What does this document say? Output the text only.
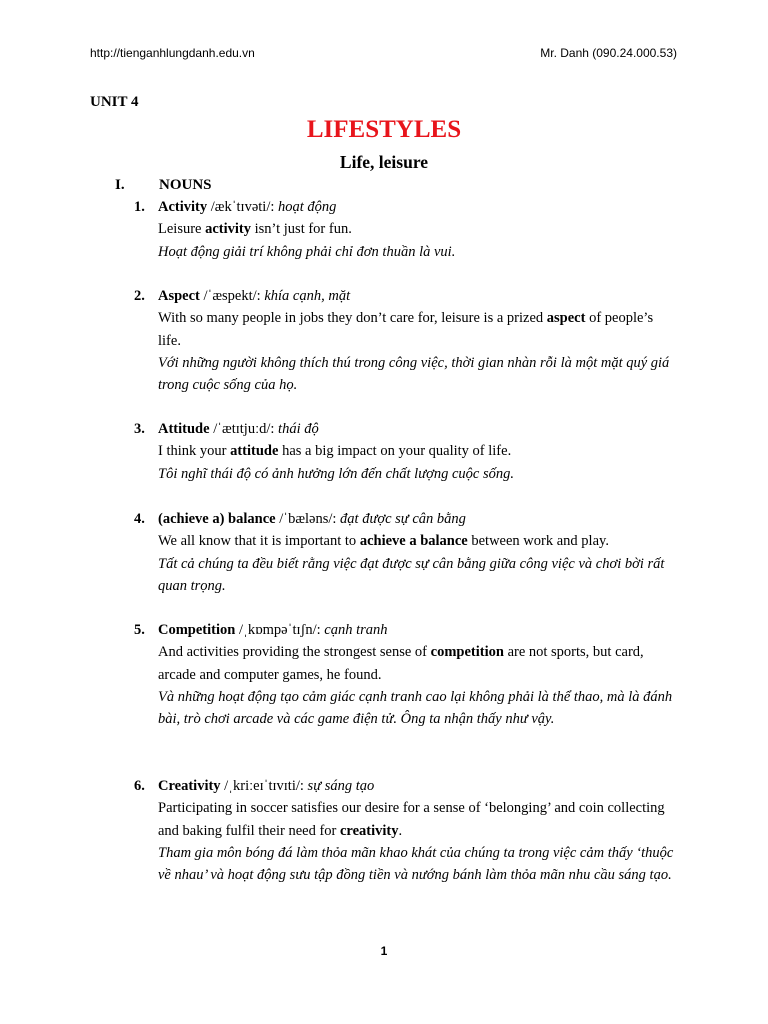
http://tienganhlungdanh.edu.vn	Mr. Danh (090.24.000.53)
UNIT 4
LIFESTYLES
Life, leisure
I. NOUNS
1. Activity /ækˈtɪvəti/: hoạt động
Leisure activity isn’t just for fun.
Hoạt động giải trí không phải chỉ đơn thuần là vui.
2. Aspect /ˈæspekt/: khía cạnh, mặt
With so many people in jobs they don’t care for, leisure is a prized aspect of people’s life.
Với những người không thích thú trong công việc, thời gian nhàn rỗi là một mặt quý giá trong cuộc sống của họ.
3. Attitude /ˈætɪtjuːd/: thái độ
I think your attitude has a big impact on your quality of life.
Tôi nghĩ thái độ có ảnh hưởng lớn đến chất lượng cuộc sống.
4. (achieve a) balance /ˈbæləns/: đạt được sự cân bằng
We all know that it is important to achieve a balance between work and play.
Tất cả chúng ta đều biết rằng việc đạt được sự cân bằng giữa công việc và chơi bời rất quan trọng.
5. Competition /ˌkɒmpəˈtɪʃn/: cạnh tranh
And activities providing the strongest sense of competition are not sports, but card, arcade and computer games, he found.
Và những hoạt động tạo cảm giác cạnh tranh cao lại không phải là thể thao, mà là đánh bài, trò chơi arcade và các game điện tử. Ông ta nhận thấy như vậy.
6. Creativity /ˌkriːeɪˈtɪvɪti/: sự sáng tạo
Participating in soccer satisfies our desire for a sense of ‘belonging’ and coin collecting and baking fulfil their need for creativity.
Tham gia môn bóng đá làm thỏa mãn khao khát của chúng ta trong việc cảm thấy ‘thuộc về nhau’ và hoạt động sưu tập đồng tiền và nướng bánh làm thỏa mãn nhu cầu sáng tạo.
1
